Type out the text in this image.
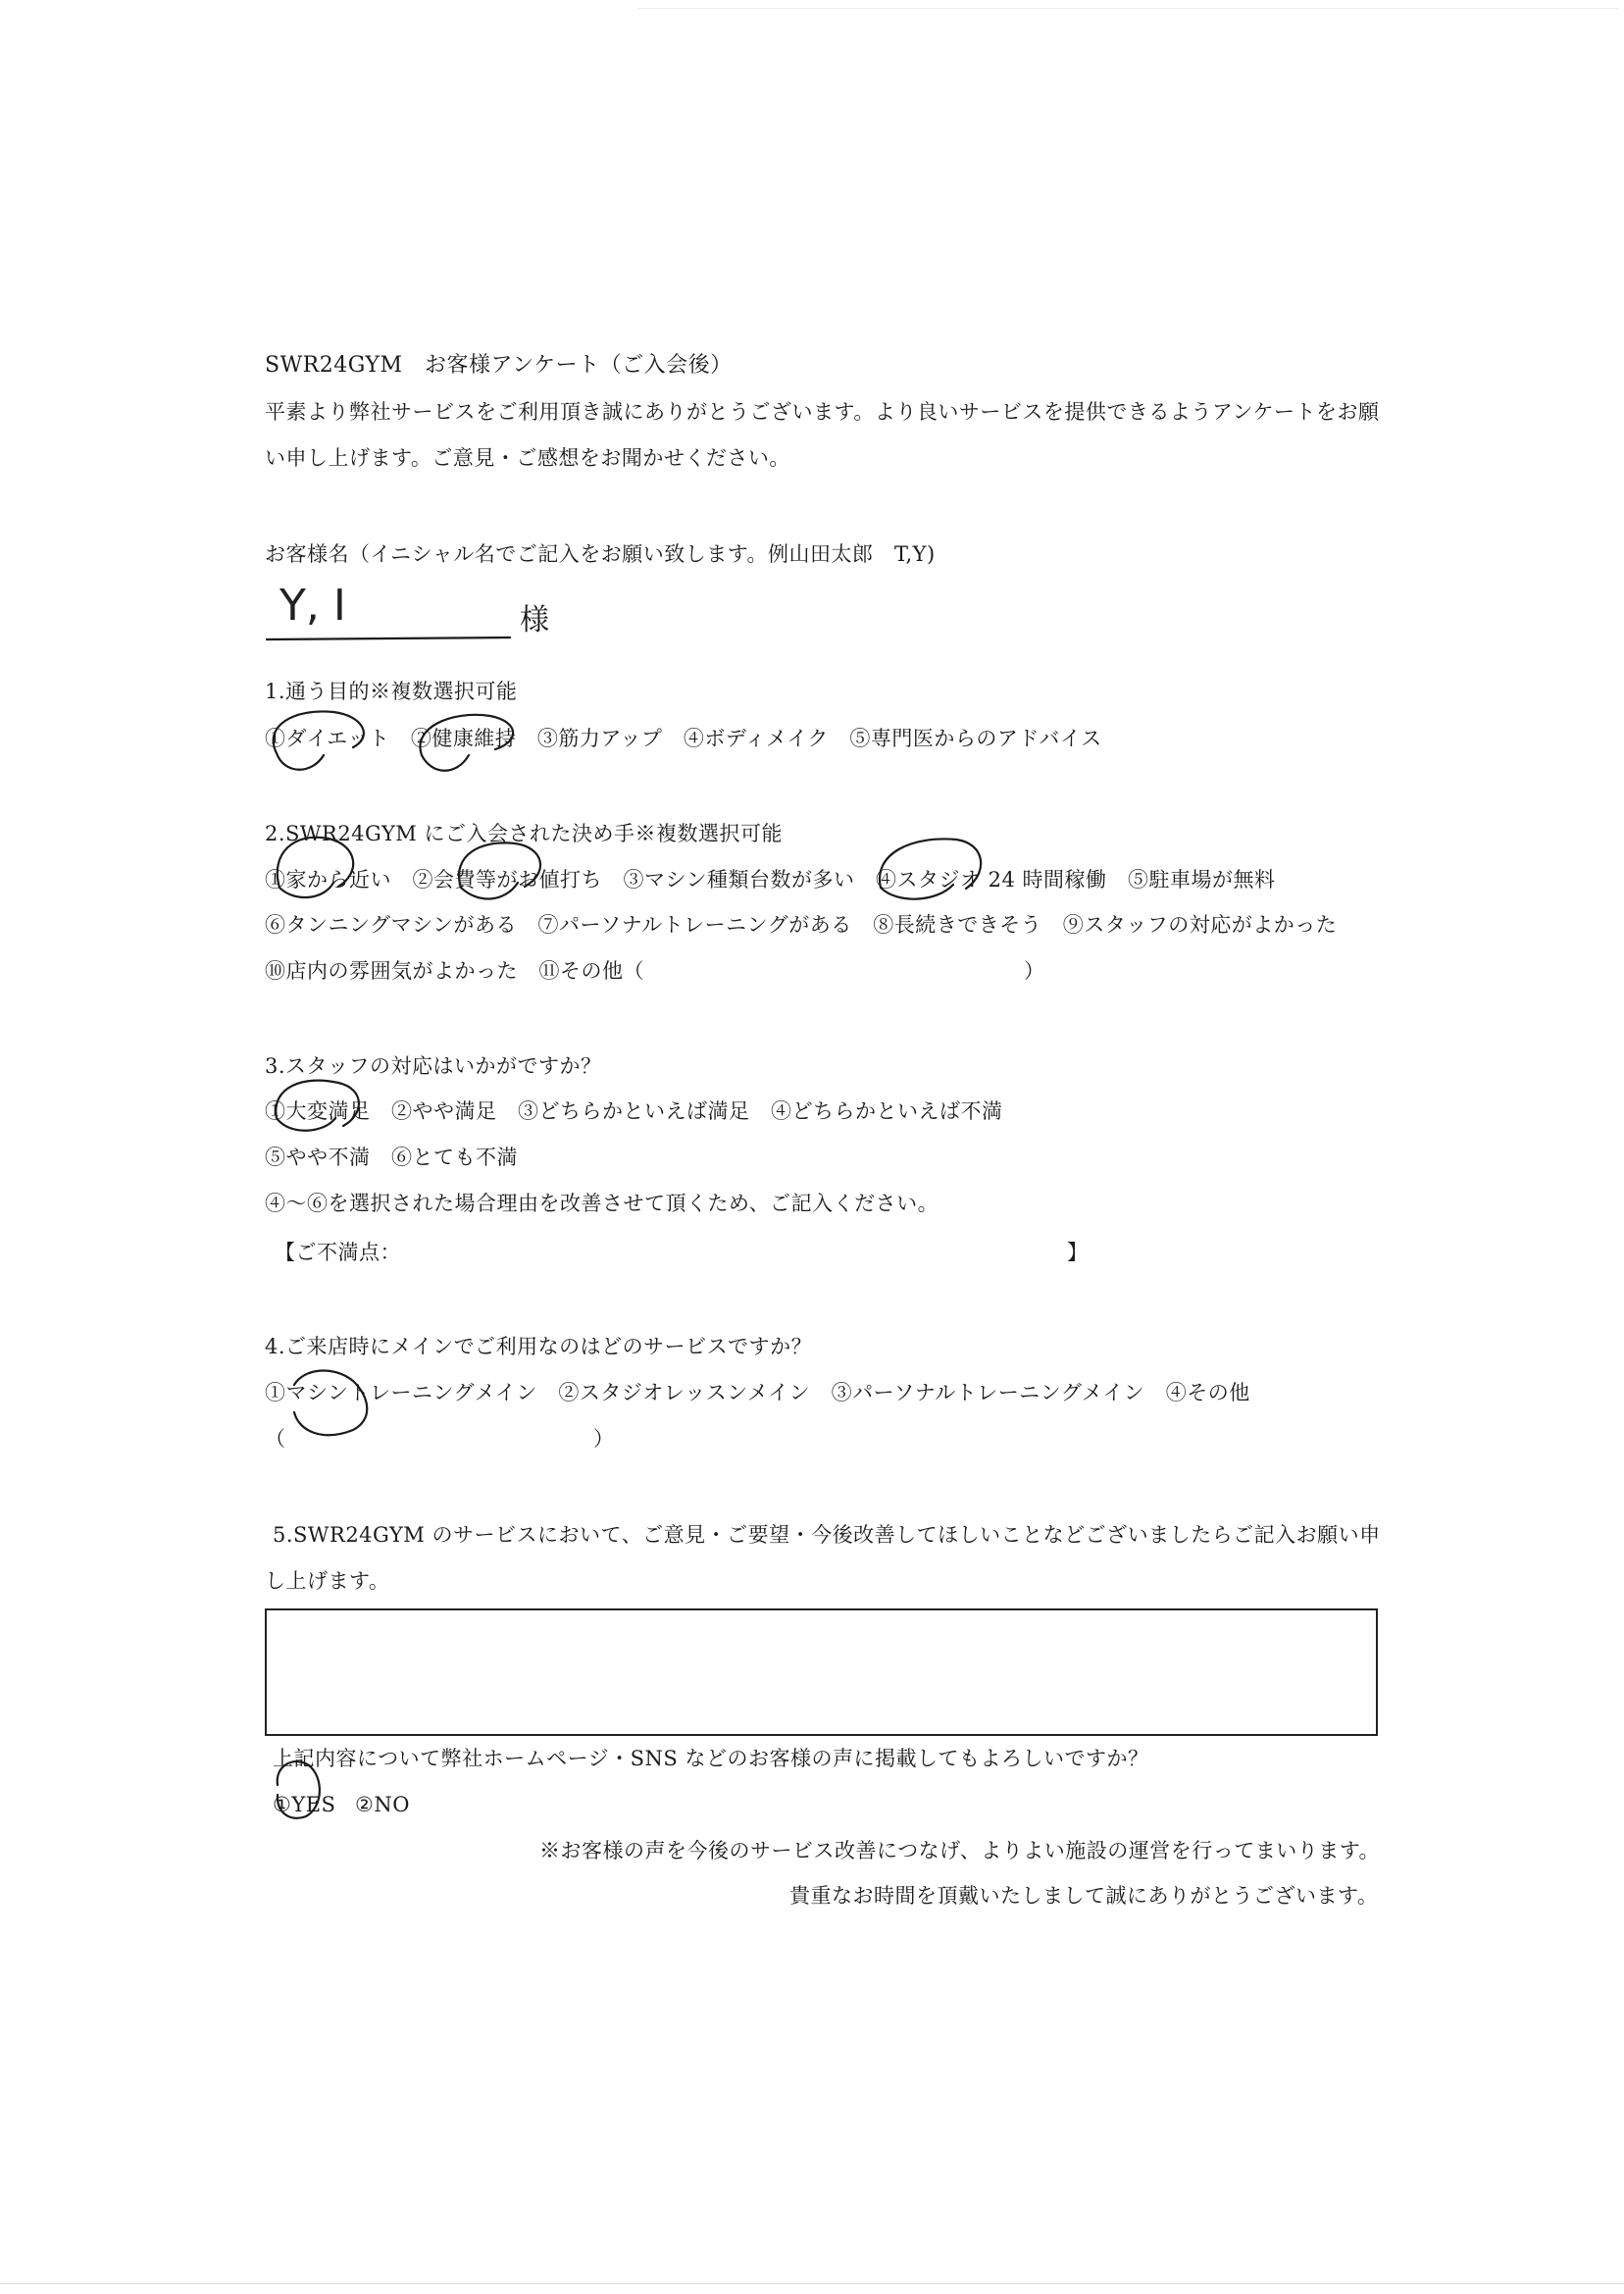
SWR24GYM　お客様アンケート（ご入会後）
平素より弊社サービスをご利用頂き誠にありがとうございます。より良いサービスを提供できるようアンケートをお願
い申し上げます。ご意見・ご感想をお聞かせください。
お客様名（イニシャル名でご記入をお願い致します。例山田太郎　T,Y)
Y, I	様
1.通う目的※複数選択可能
①ダイエット　②健康維持　③筋力アップ　④ボディメイク　⑤専門医からのアドバイス
2.SWR24GYM にご入会された決め手※複数選択可能
①家から近い　②会費等がお値打ち　③マシン種類台数が多い　④スタジオ 24 時間稼働　⑤駐車場が無料
⑥タンニングマシンがある　⑦パーソナルトレーニングがある　⑧長続きできそう　⑨スタッフの対応がよかった
⑩店内の雰囲気がよかった　⑪その他（　　　　　　　　　　　　　　　　　　）
3.スタッフの対応はいかがですか？
①大変満足　②やや満足　③どちらかといえば満足　④どちらかといえば不満
⑤やや不満　⑥とても不満
④～⑥を選択された場合理由を改善させて頂くため、ご記入ください。
【ご不満点：	】
4.ご来店時にメインでご利用なのはどのサービスですか？
①マシントレーニングメイン　②スタジオレッスンメイン　③パーソナルトレーニングメイン　④その他
（	）
5.SWR24GYM のサービスにおいて、ご意見・ご要望・今後改善してほしいことなどございましたらご記入お願い申
し上げます。
上記内容について弊社ホームページ・SNS などのお客様の声に掲載してもよろしいですか？
①YES ②NO
※お客様の声を今後のサービス改善につなげ、よりよい施設の運営を行ってまいります。
貴重なお時間を頂戴いたしまして誠にありがとうございます。
